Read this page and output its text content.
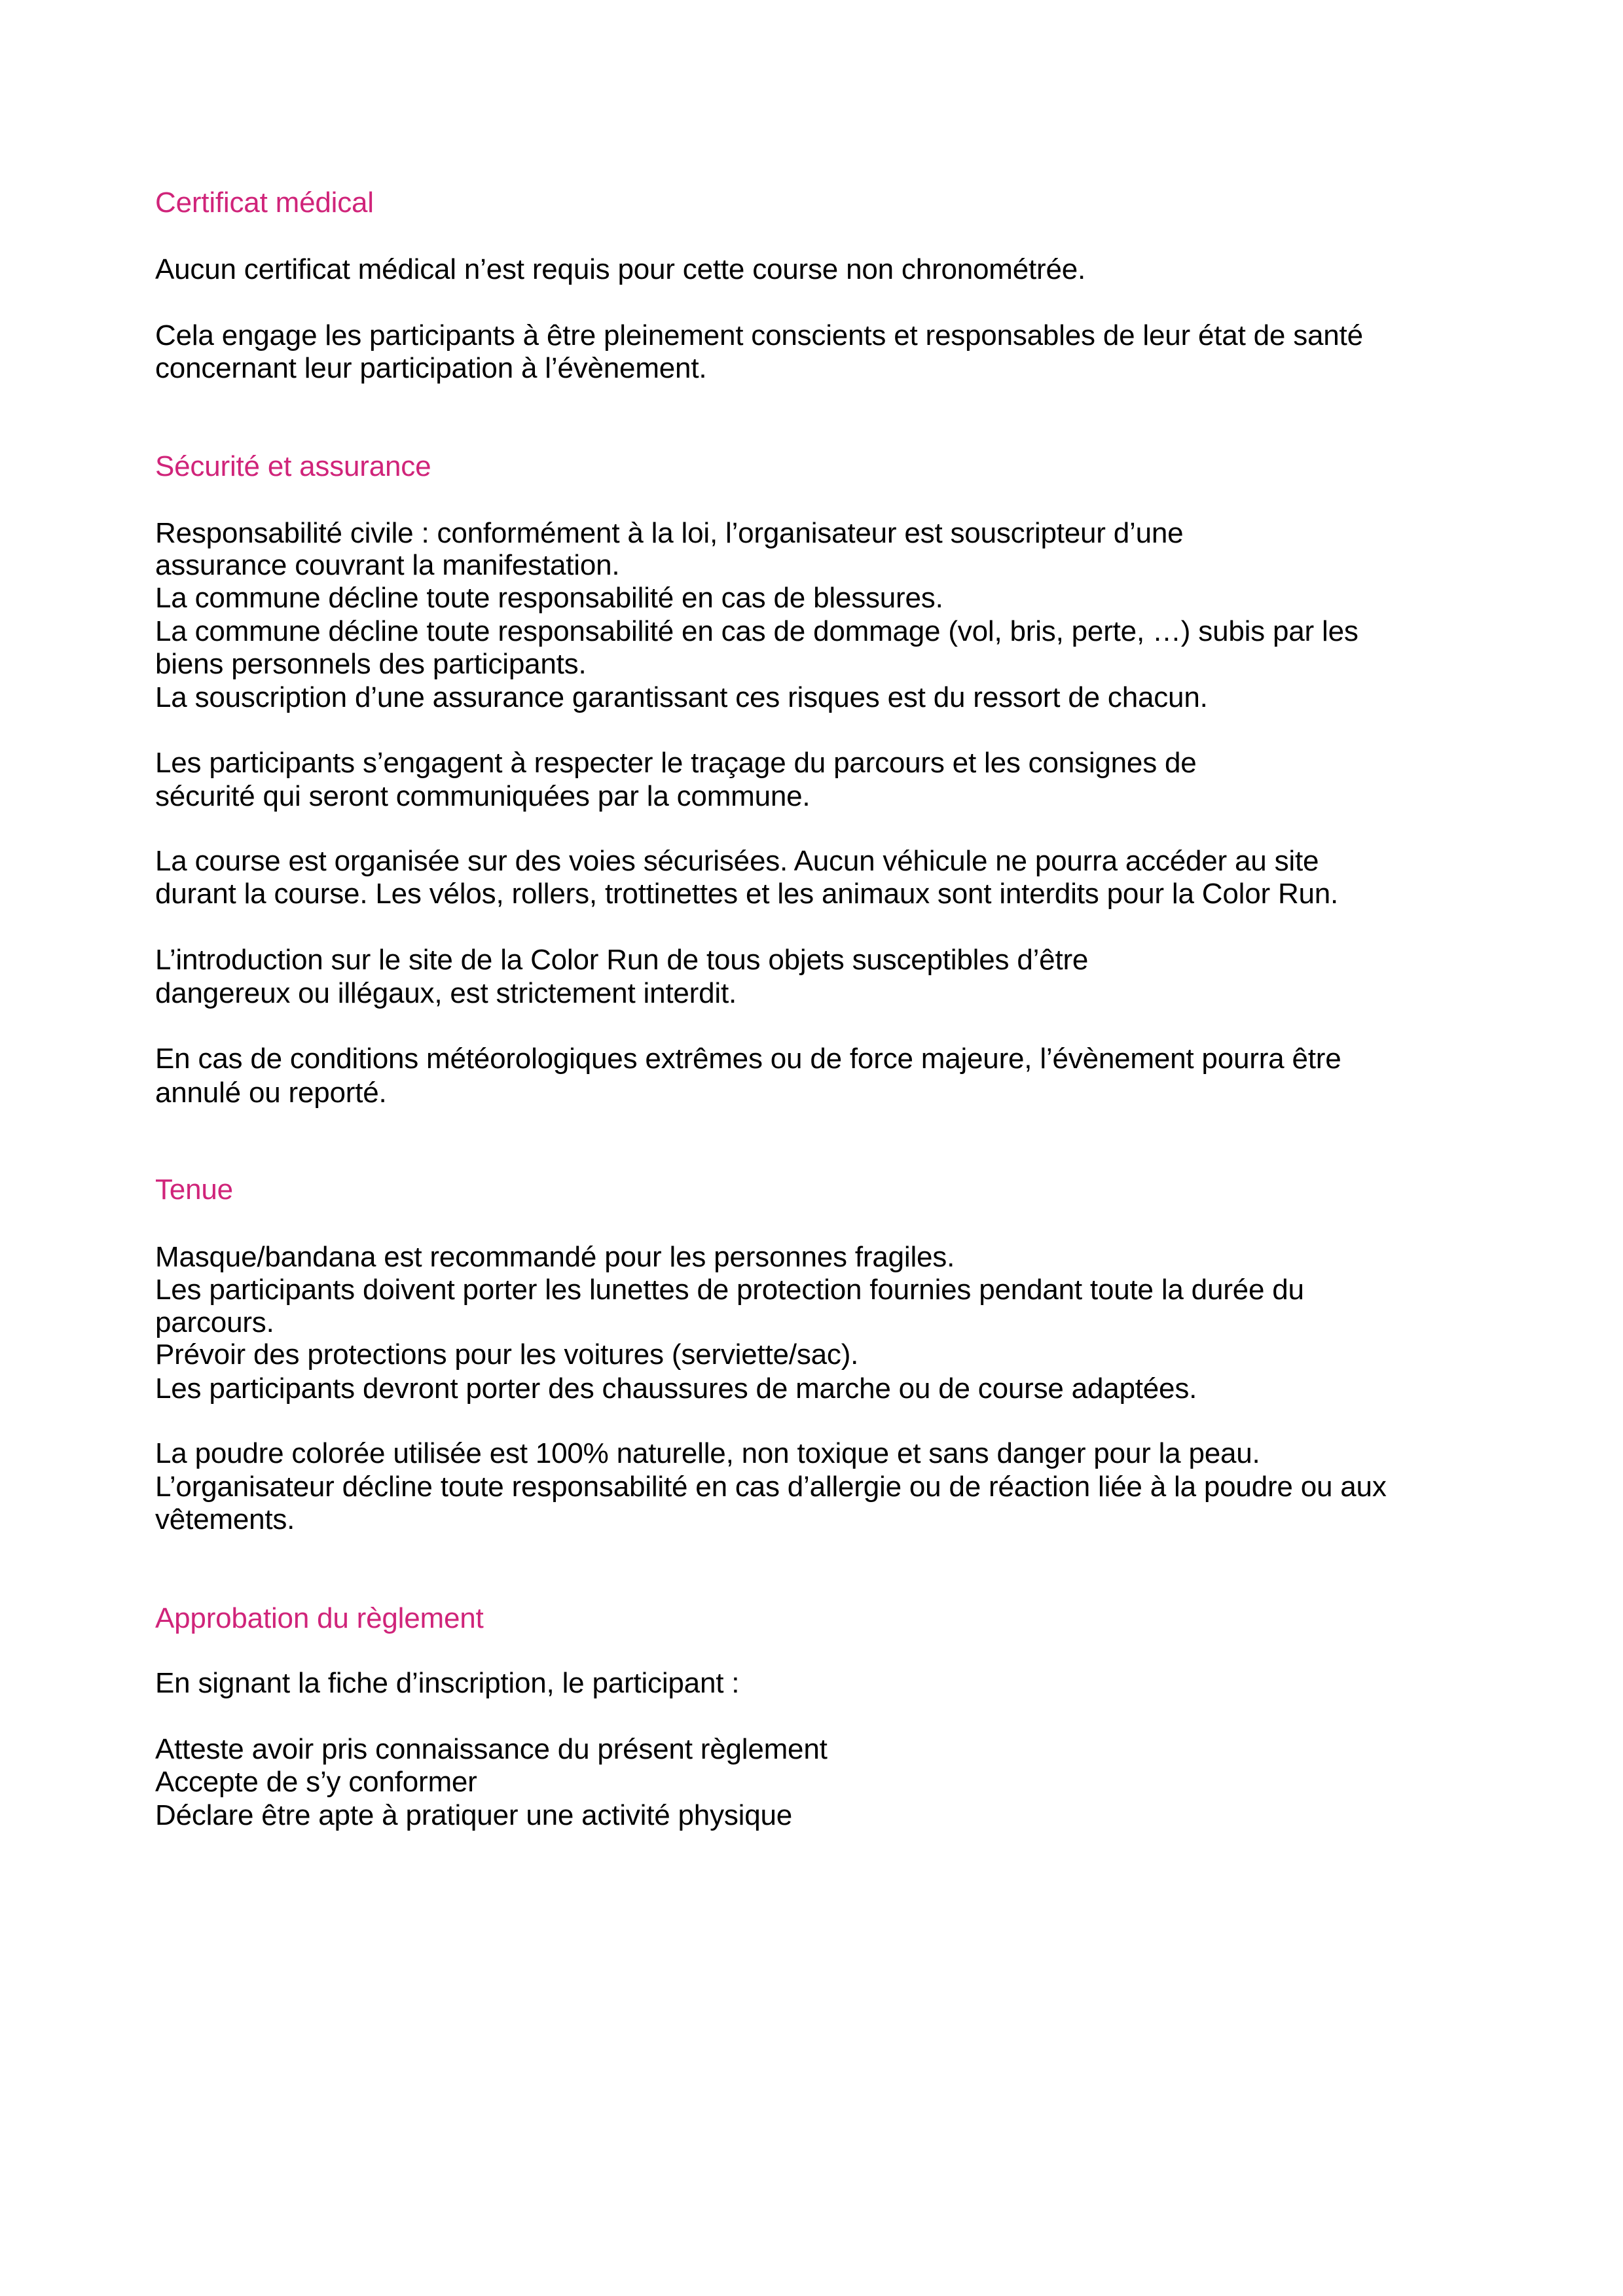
Certificat médical
Aucun certificat médical n’est requis pour cette course non chronométrée.
Cela engage les participants à être pleinement conscients et responsables de leur état de santé
concernant leur participation à l’évènement.
Sécurité et assurance
Responsabilité civile : conformément à la loi, l’organisateur est souscripteur d’une
assurance couvrant la manifestation.
La commune décline toute responsabilité en cas de blessures.
La commune décline toute responsabilité en cas de dommage (vol, bris, perte, …) subis par les
biens personnels des participants.
La souscription d’une assurance garantissant ces risques est du ressort de chacun.
Les participants s’engagent à respecter le traçage du parcours et les consignes de
sécurité qui seront communiquées par la commune.
La course est organisée sur des voies sécurisées. Aucun véhicule ne pourra accéder au site
durant la course. Les vélos, rollers, trottinettes et les animaux sont interdits pour la Color Run.
L’introduction sur le site de la Color Run de tous objets susceptibles d’être
dangereux ou illégaux, est strictement interdit.
En cas de conditions météorologiques extrêmes ou de force majeure, l’évènement pourra être
annulé ou reporté.
Tenue
Masque/bandana est recommandé pour les personnes fragiles.
Les participants doivent porter les lunettes de protection fournies pendant toute la durée du
parcours.
Prévoir des protections pour les voitures (serviette/sac).
Les participants devront porter des chaussures de marche ou de course adaptées.
La poudre colorée utilisée est 100% naturelle, non toxique et sans danger pour la peau.
L’organisateur décline toute responsabilité en cas d’allergie ou de réaction liée à la poudre ou aux
vêtements.
Approbation du règlement
En signant la fiche d’inscription, le participant :
Atteste avoir pris connaissance du présent règlement
Accepte de s’y conformer
Déclare être apte à pratiquer une activité physique
